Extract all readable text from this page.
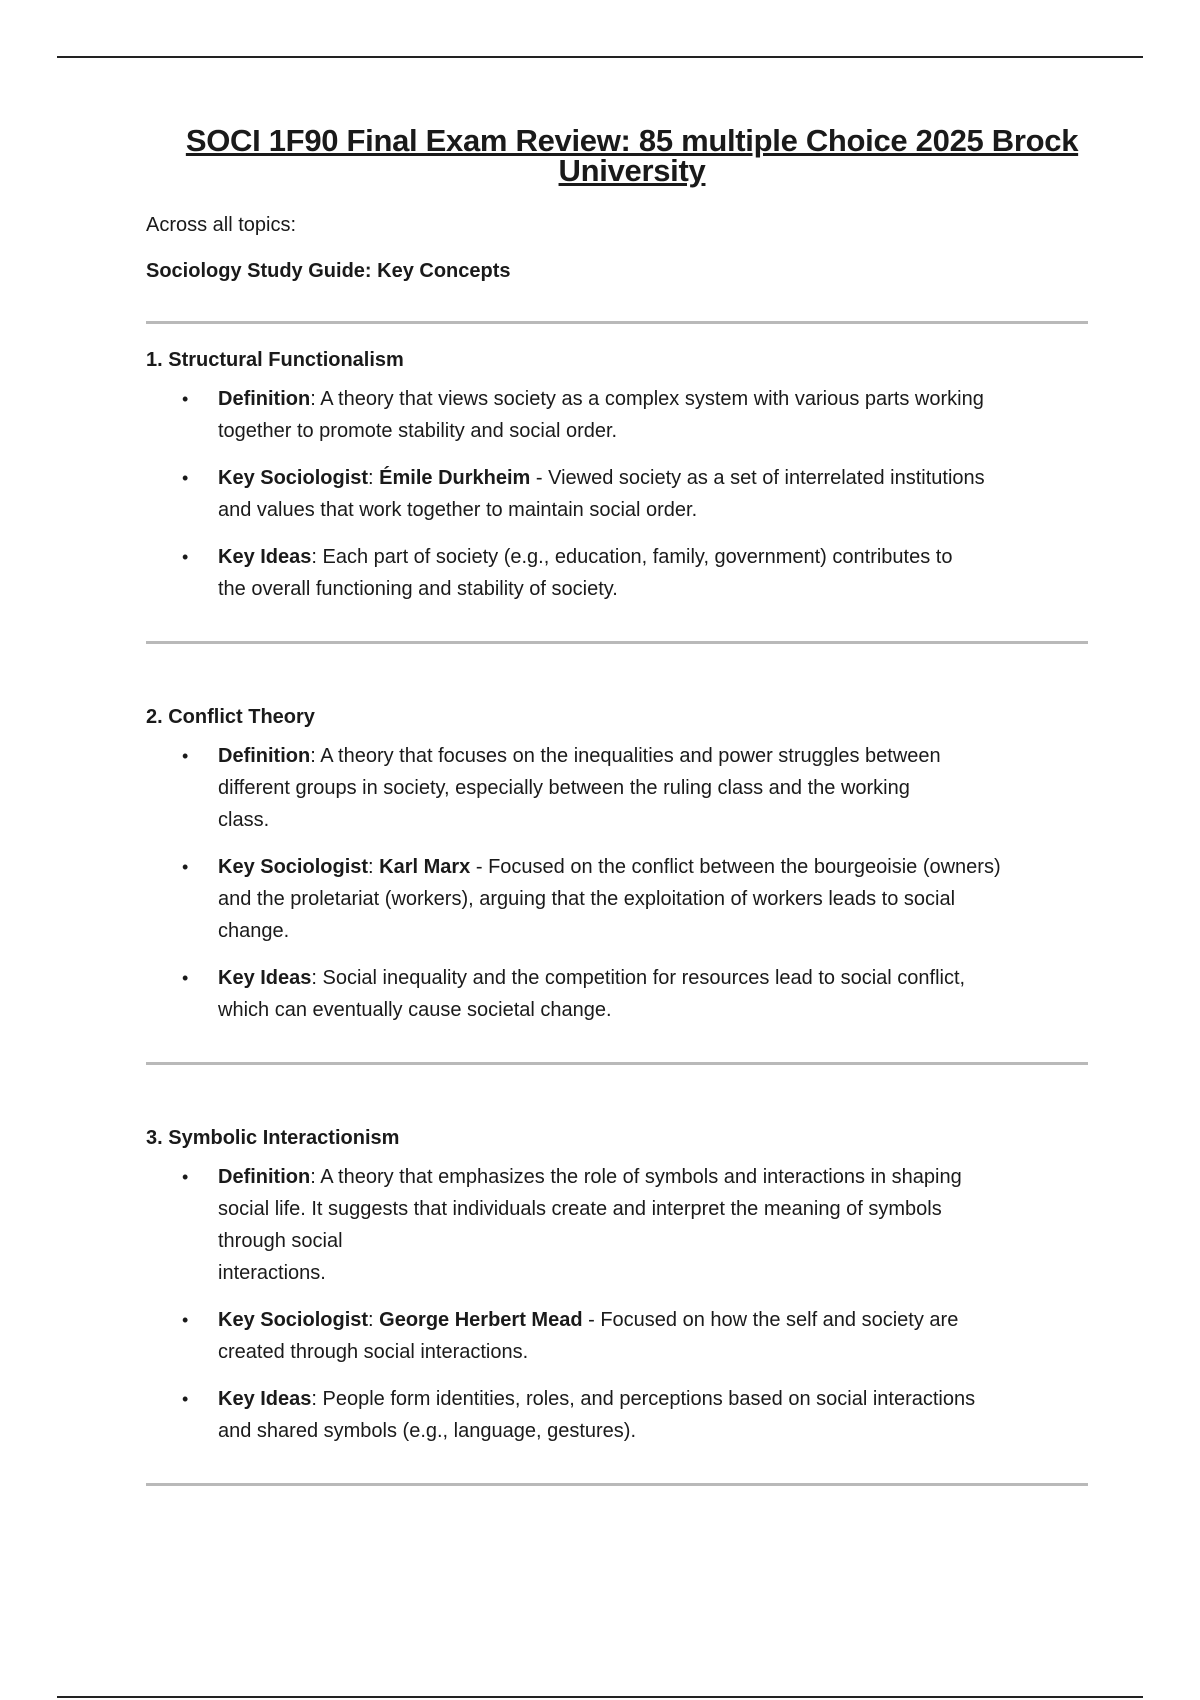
SOCI 1F90 Final Exam Review: 85 multiple Choice 2025 Brock
University

Across all topics:

Sociology Study Guide: Key Concepts

1. Structural Functionalism
• Definition: A theory that views society as a complex system with various parts working
together to promote stability and social order.
• Key Sociologist: Émile Durkheim - Viewed society as a set of interrelated institutions
and values that work together to maintain social order.
• Key Ideas: Each part of society (e.g., education, family, government) contributes to
the overall functioning and stability of society.
2. Conflict Theory
• Definition: A theory that focuses on the inequalities and power struggles between
different groups in society, especially between the ruling class and the working
class.
• Key Sociologist: Karl Marx - Focused on the conflict between the bourgeoisie (owners)
and the proletariat (workers), arguing that the exploitation of workers leads to social
change.
• Key Ideas: Social inequality and the competition for resources lead to social conflict,
which can eventually cause societal change.
3. Symbolic Interactionism
• Definition: A theory that emphasizes the role of symbols and interactions in shaping
social life. It suggests that individuals create and interpret the meaning of symbols
through social
interactions.
• Key Sociologist: George Herbert Mead - Focused on how the self and society are
created through social interactions.
• Key Ideas: People form identities, roles, and perceptions based on social interactions
and shared symbols (e.g., language, gestures).
